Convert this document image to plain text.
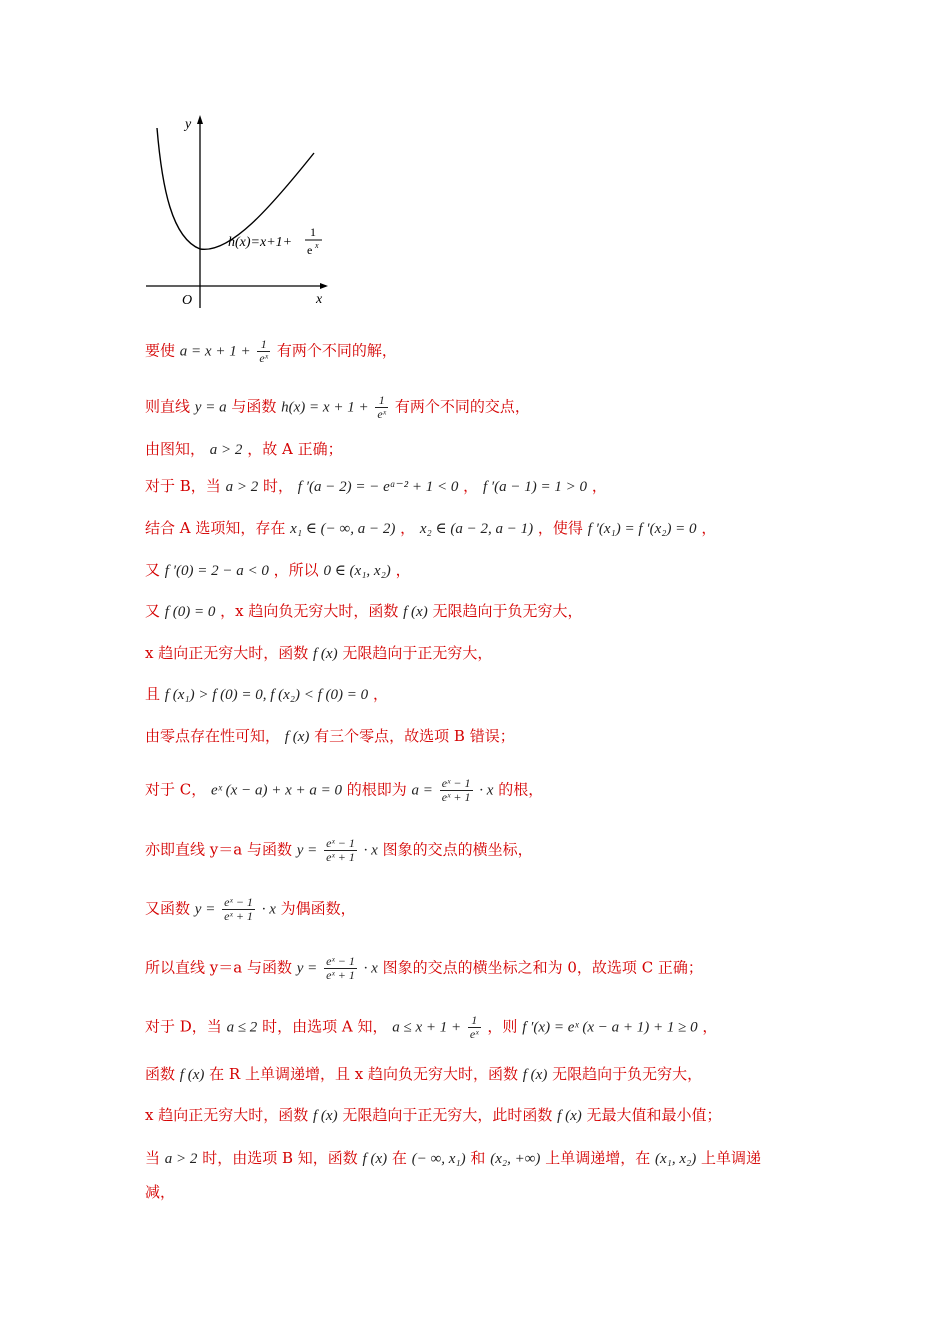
y
x
O
h(x)=x+1+
1
e x
要使 $a = x + 1 + \frac{1}{\text{eˣ}}$ 有两个不同的解，
则直线 y = a 与函数 $h(x) = x + 1 + \frac{1}{\text{eˣ}}$ 有两个不同的交点，
由图知， a > 2 ，故 A 正确；
对于 B，当 a > 2 时， f ′(a − 2) = − eᵃ⁻² + 1 < 0 ， f ′(a − 1) = 1 > 0 ，
结合 A 选项知，存在 x₁ ∈ (− ∞, a − 2) ， x₂ ∈ (a − 2, a − 1) ，使得 f ′(x₁) = f ′(x₂) = 0 ，
又 f ′(0) = 2 − a < 0 ，所以 0 ∈ (x₁, x₂) ，
又 f (0) = 0 ，x 趋向负无穷大时，函数 f (x) 无限趋向于负无穷大，
x 趋向正无穷大时，函数 f (x) 无限趋向于正无穷大，
且 f (x₁) > f (0) = 0, f (x₂) < f (0) = 0 ，
由零点存在性可知， f (x) 有三个零点，故选项 B 错误；
对于 C， eˣ (x − a) + x + a = 0 的根即为 $a = \frac{\text{eˣ − 1}}{\text{eˣ + 1}} \cdot x$ 的根，
亦即直线 y＝a 与函数 $y = \frac{\text{eˣ − 1}}{\text{eˣ + 1}} \cdot x$ 图象的交点的横坐标，
又函数 $y = \frac{\text{eˣ − 1}}{\text{eˣ + 1}} \cdot x$ 为偶函数，
所以直线 y＝a 与函数 $y = \frac{\text{eˣ − 1}}{\text{eˣ + 1}} \cdot x$ 图象的交点的横坐标之和为 0，故选项 C 正确；
对于 D，当 a ≤ 2 时，由选项 A 知， $a \le x + 1 + \frac{1}{\text{eˣ}}$ ，则 f ′(x) = eˣ (x − a + 1) + 1 ≥ 0 ，
函数 f (x) 在 R 上单调递增，且 x 趋向负无穷大时，函数 f (x) 无限趋向于负无穷大，
x 趋向正无穷大时，函数 f (x) 无限趋向于正无穷大，此时函数 f (x) 无最大值和最小值；
当 a > 2 时，由选项 B 知，函数 f (x) 在 (− ∞, x₁) 和 (x₂, +∞) 上单调递增，在 (x₁, x₂) 上单调递
减，
